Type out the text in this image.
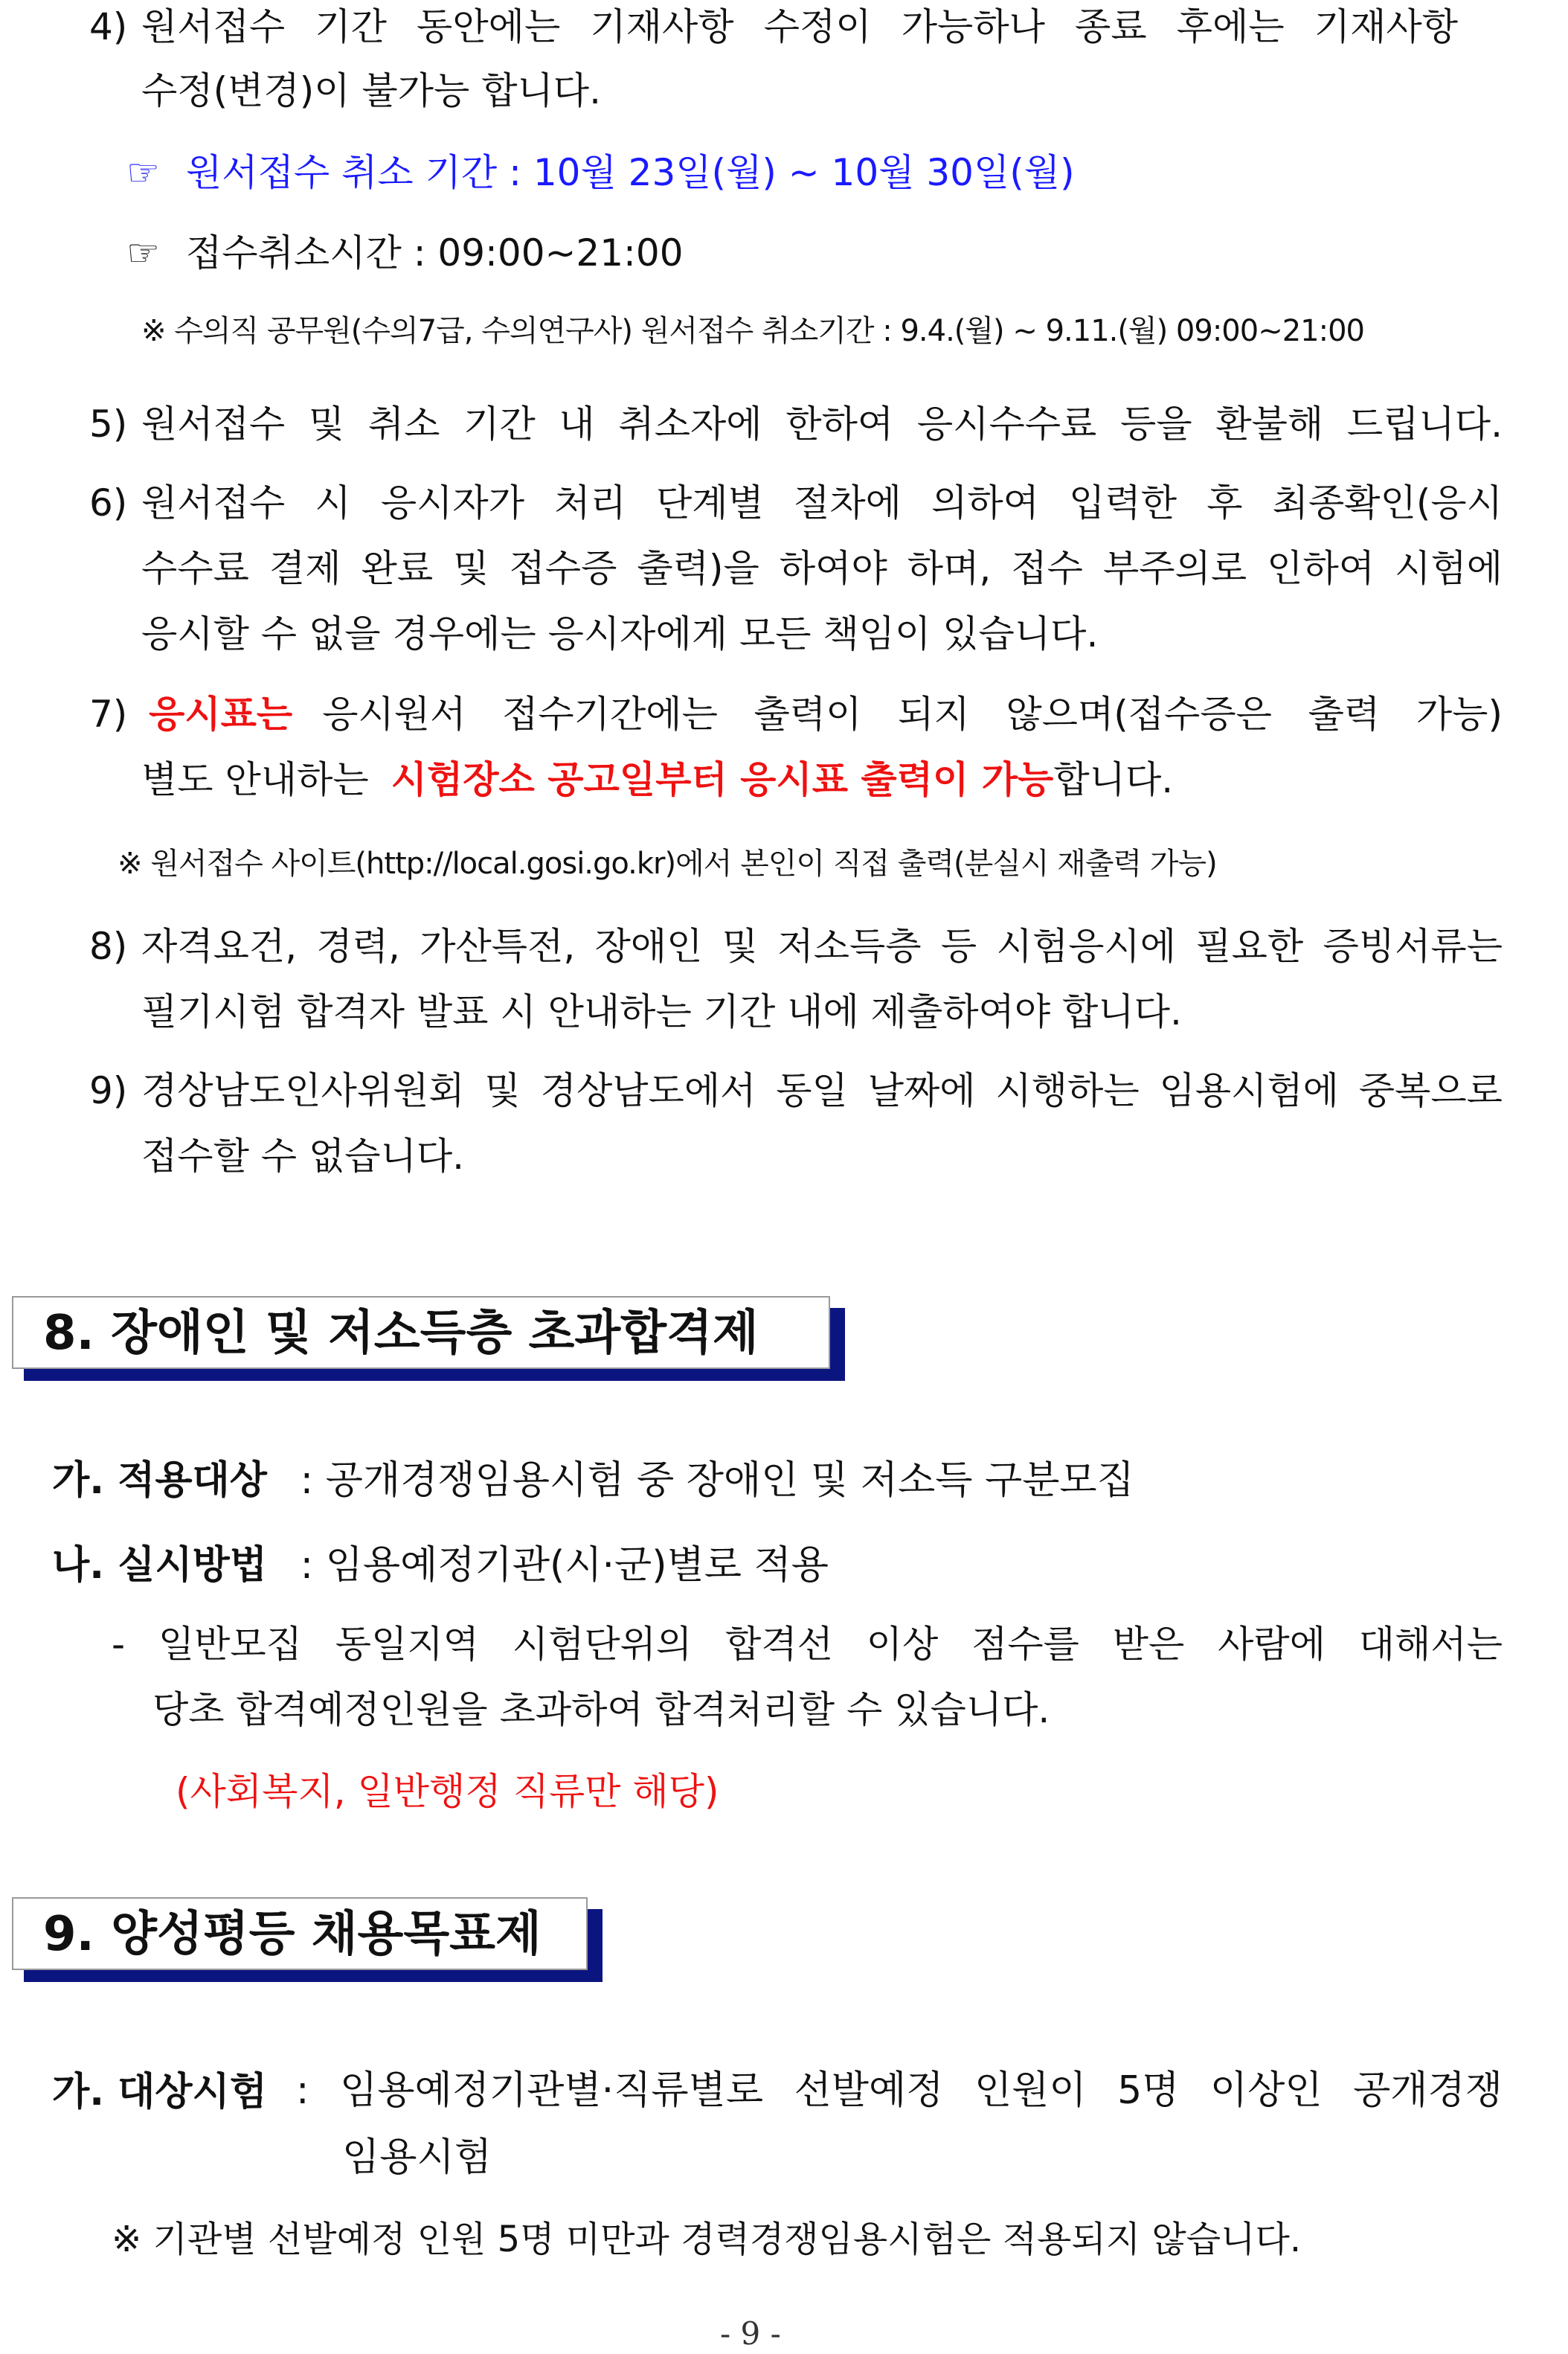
4) 원서접수 기간 동안에는 기재사항 수정이 가능하나 종료 후에는 기재사항
수정(변경)이 불가능 합니다.
☞ 원서접수 취소 기간 : 10월 23일(월) ~ 10월 30일(월)
☞ 접수취소시간 : 09:00~21:00
※ 수의직 공무원(수의7급, 수의연구사) 원서접수 취소기간 : 9.4.(월) ~ 9.11.(월) 09:00~21:00
5) 원서접수 및 취소 기간 내 취소자에 한하여 응시수수료 등을 환불해 드립니다.
6) 원서접수 시 응시자가 처리 단계별 절차에 의하여 입력한 후 최종확인(응시
수수료 결제 완료 및 접수증 출력)을 하여야 하며, 접수 부주의로 인하여 시험에
응시할 수 없을 경우에는 응시자에게 모든 책임이 있습니다.
7) 응시표는 응시원서 접수기간에는 출력이 되지 않으며(접수증은 출력 가능)
별도 안내하는 시험장소 공고일부터 응시표 출력이 가능합니다.
※ 원서접수 사이트(http://local.gosi.go.kr)에서 본인이 직접 출력(분실시 재출력 가능)
8) 자격요건, 경력, 가산특전, 장애인 및 저소득층 등 시험응시에 필요한 증빙서류는
필기시험 합격자 발표 시 안내하는 기간 내에 제출하여야 합니다.
9) 경상남도인사위원회 및 경상남도에서 동일 날짜에 시행하는 임용시험에 중복으로
접수할 수 없습니다.
8. 장애인 및 저소득층 초과합격제
가. 적용대상 : 공개경쟁임용시험 중 장애인 및 저소득 구분모집
나. 실시방법 : 임용예정기관(시·군)별로 적용
- 일반모집 동일지역 시험단위의 합격선 이상 점수를 받은 사람에 대해서는
당초 합격예정인원을 초과하여 합격처리할 수 있습니다.
(사회복지, 일반행정 직류만 해당)
9. 양성평등 채용목표제
가. 대상시험 : 임용예정기관별·직류별로 선발예정 인원이 5명 이상인 공개경쟁
임용시험
※ 기관별 선발예정 인원 5명 미만과 경력경쟁임용시험은 적용되지 않습니다.
- 9 -
